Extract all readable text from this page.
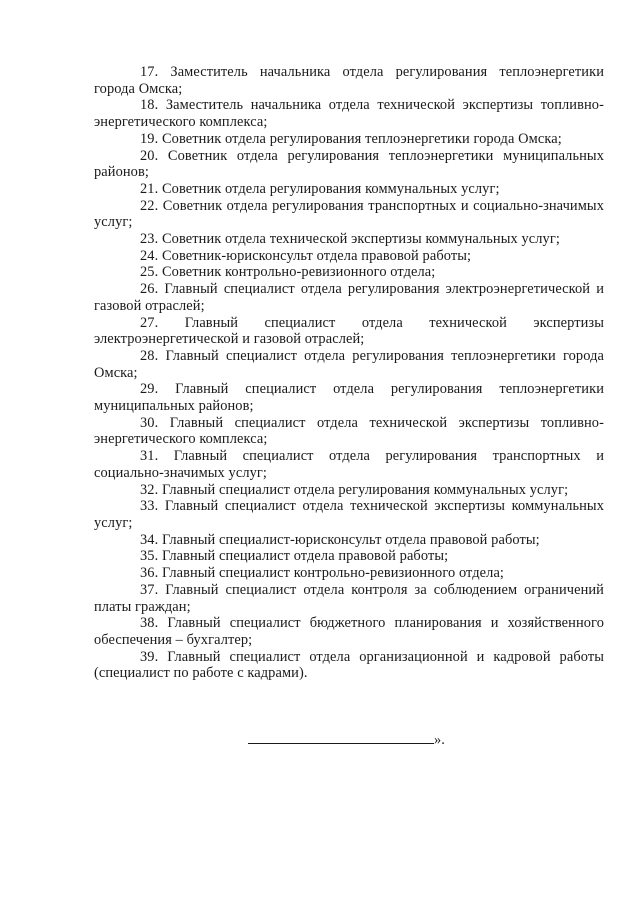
17. Заместитель начальника отдела регулирования теплоэнергетики города Омска;

18. Заместитель начальника отдела технической экспертизы топливно-энергетического комплекса;

19. Советник отдела регулирования теплоэнергетики города Омска;

20. Советник отдела регулирования теплоэнергетики муниципальных районов;

21. Советник отдела регулирования коммунальных услуг;

22. Советник отдела регулирования транспортных и социально-значимых услуг;

23. Советник отдела технической экспертизы коммунальных услуг;

24. Советник-юрисконсульт отдела правовой работы;

25. Советник контрольно-ревизионного отдела;

26. Главный специалист отдела регулирования электроэнергетической и газовой отраслей;

27. Главный специалист отдела технической экспертизы электроэнергетической и газовой отраслей;

28. Главный специалист отдела регулирования теплоэнергетики города Омска;

29. Главный специалист отдела регулирования теплоэнергетики муниципальных районов;

30. Главный специалист отдела технической экспертизы топливно-энергетического комплекса;

31. Главный специалист отдела регулирования транспортных и социально-значимых услуг;

32. Главный специалист отдела регулирования коммунальных услуг;

33. Главный специалист отдела технической экспертизы коммунальных услуг;

34. Главный специалист-юрисконсульт отдела правовой работы;

35. Главный специалист отдела правовой работы;

36. Главный специалист контрольно-ревизионного отдела;

37. Главный специалист отдела контроля за соблюдением ограничений платы граждан;

38. Главный специалист бюджетного планирования и хозяйственного обеспечения – бухгалтер;

39. Главный специалист отдела организационной и кадровой работы (специалист по работе с кадрами).

».
